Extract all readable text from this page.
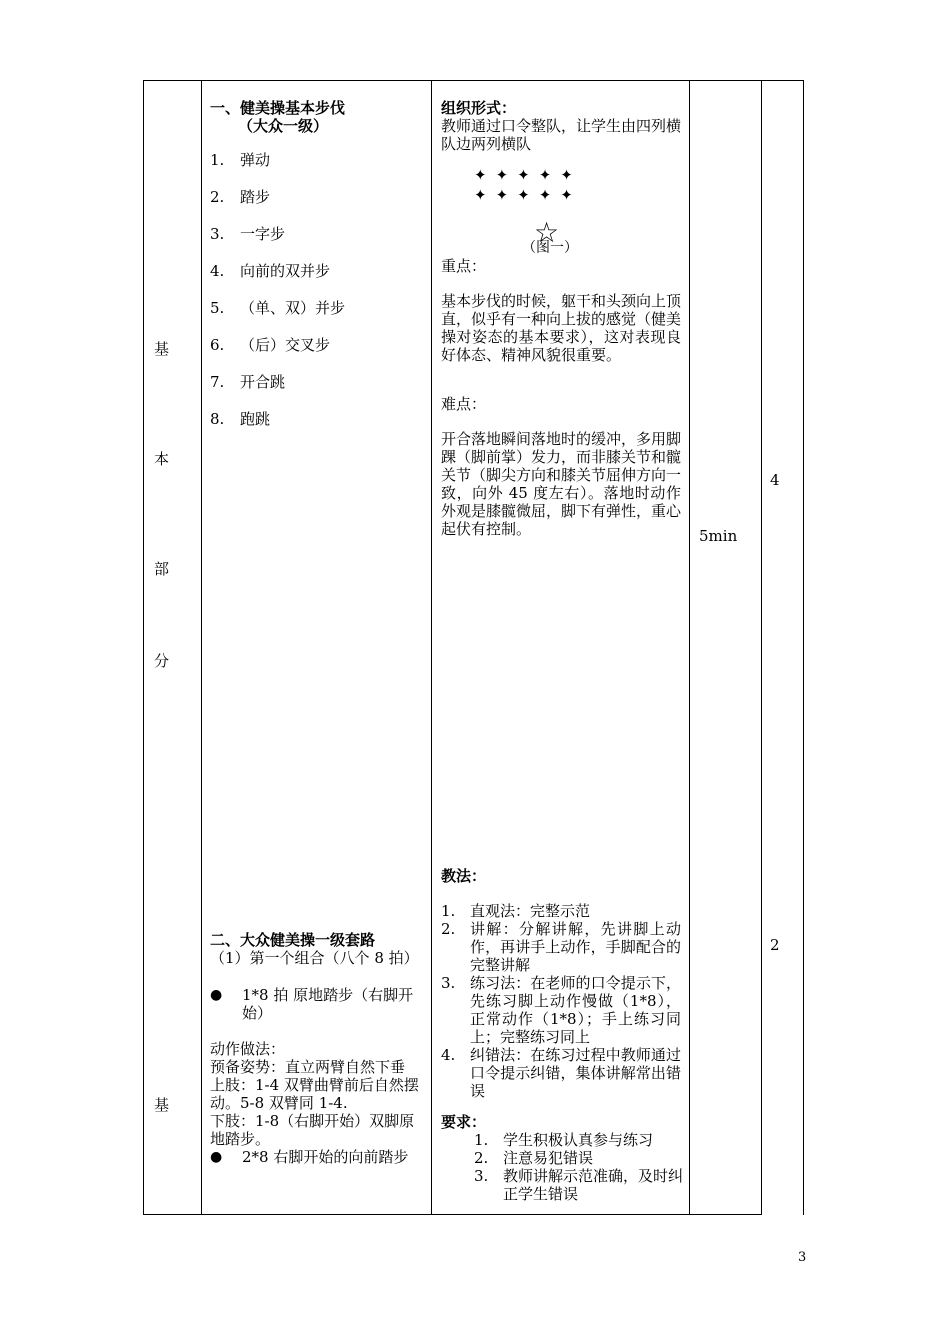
基
本
部
分
基
一、健美操基本步伐
（大众一级）
1. 弹动
2. 踏步
3. 一字步
4. 向前的双并步
5. （单、双）并步
6. （后）交叉步
7. 开合跳
8. 跑跳
二、大众健美操一级套路
（1）第一个组合（八个 8 拍）
● 1*8 拍 原地踏步（右脚开始）
动作做法：
预备姿势：直立两臂自然下垂
上肢：1-4 双臂曲臂前后自然摆动。5-8 双臂同 1-4.
下肢：1-8（右脚开始）双脚原地踏步。
● 2*8 右脚开始的向前踏步
组织形式：
教师通过口令整队，让学生由四列横队边两列横队
✦✦✦✦✦
✦✦✦✦✦
（图一）
☆
重点：
基本步伐的时候，躯干和头颈向上顶直，似乎有一种向上拔的感觉（健美操对姿态的基本要求），这对表现良好体态、精神风貌很重要。
难点：
开合落地瞬间落地时的缓冲，多用脚踝（脚前掌）发力，而非膝关节和髋关节（脚尖方向和膝关节屈伸方向一致，向外 45 度左右）。落地时动作外观是膝髋微屈，脚下有弹性，重心起伏有控制。
教法：
1. 直观法：完整示范
2. 讲解：分解讲解，先讲脚上动作，再讲手上动作，手脚配合的完整讲解
3. 练习法：在老师的口令提示下，先练习脚上动作慢做（1*8），正常动作（1*8）；手上练习同上；完整练习同上
4. 纠错法：在练习过程中教师通过口令提示纠错，集体讲解常出错误
要求：
1. 学生积极认真参与练习
2. 注意易犯错误
3. 教师讲解示范准确，及时纠正学生错误
5min
4
2
3
